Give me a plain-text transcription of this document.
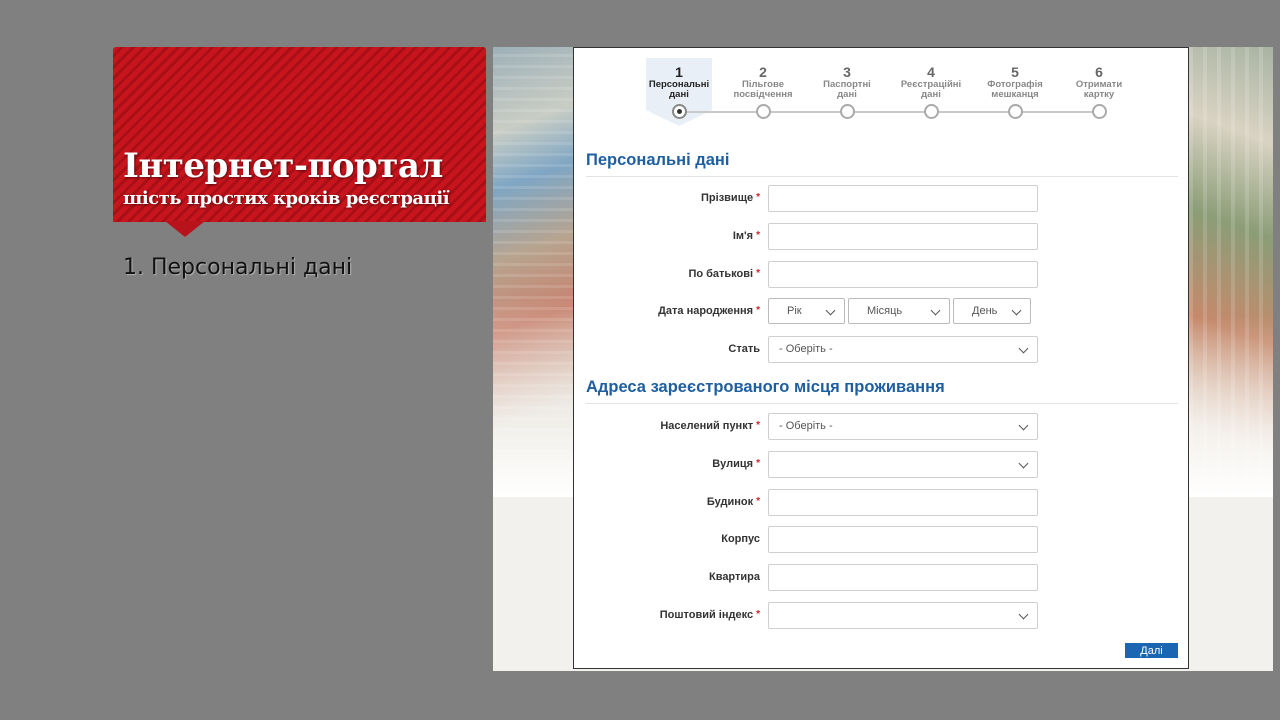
Інтернет-портал
шість простих кроків реєстрації
1. Персональні дані
1
Персональні
дані
2
Пільгове
посвідчення
3
Паспортні
дані
4
Реєстраційні
дані
5
Фотографія
мешканця
6
Отримати
картку
Персональні дані
Прізвище *
Ім'я *
По батькові *
Дата народження *	Рік	Місяць	День
Стать	- Оберіть -
Адреса зареєстрованого місця проживання
Населений пункт *	- Оберіть -
Вулиця *
Будинок *
Корпус
Квартира
Поштовий індекс *
Далі
